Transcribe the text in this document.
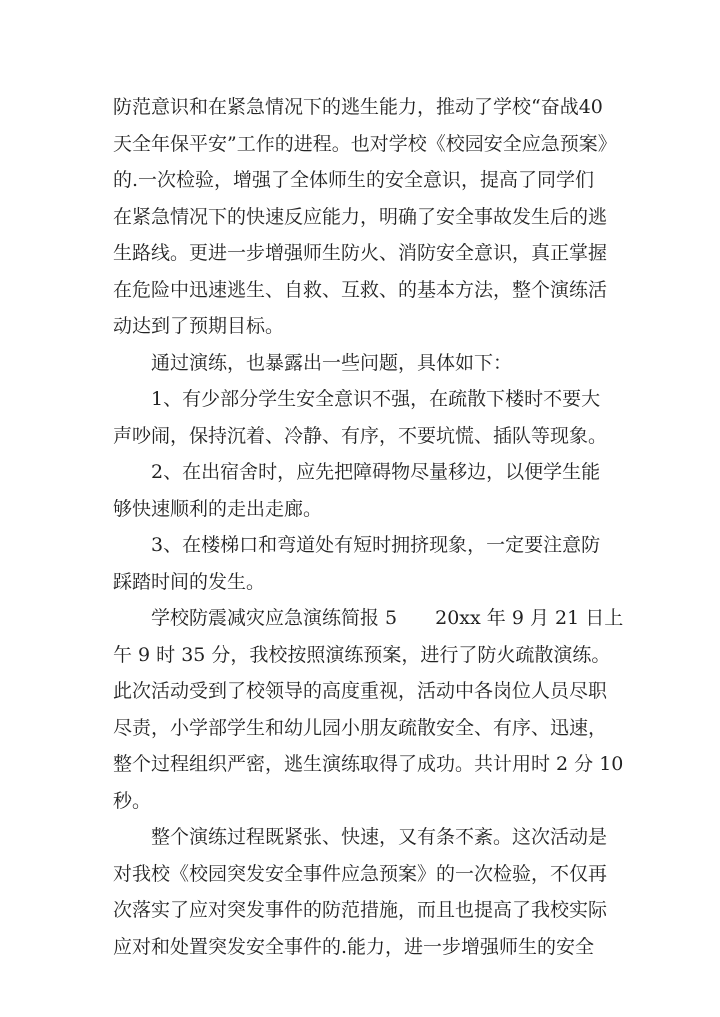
防范意识和在紧急情况下的逃生能力，推动了学校“奋战40
天全年保平安”工作的进程。也对学校《校园安全应急预案》
的.一次检验，增强了全体师生的安全意识，提高了同学们
在紧急情况下的快速反应能力，明确了安全事故发生后的逃
生路线。更进一步增强师生防火、消防安全意识，真正掌握
在危险中迅速逃生、自救、互救、的基本方法，整个演练活
动达到了预期目标。
通过演练，也暴露出一些问题，具体如下：
1、有少部分学生安全意识不强，在疏散下楼时不要大
声吵闹，保持沉着、冷静、有序，不要坑慌、插队等现象。
2、在出宿舍时，应先把障碍物尽量移边，以便学生能
够快速顺利的走出走廊。
3、在楼梯口和弯道处有短时拥挤现象，一定要注意防
踩踏时间的发生。
学校防震减灾应急演练简报 5　　20xx 年 9 月 21 日上
午 9 时 35 分，我校按照演练预案，进行了防火疏散演练。
此次活动受到了校领导的高度重视，活动中各岗位人员尽职
尽责，小学部学生和幼儿园小朋友疏散安全、有序、迅速，
整个过程组织严密，逃生演练取得了成功。共计用时 2 分 10
秒。
整个演练过程既紧张、快速，又有条不紊。这次活动是
对我校《校园突发安全事件应急预案》的一次检验，不仅再
次落实了应对突发事件的防范措施，而且也提高了我校实际
应对和处置突发安全事件的.能力，进一步增强师生的安全
